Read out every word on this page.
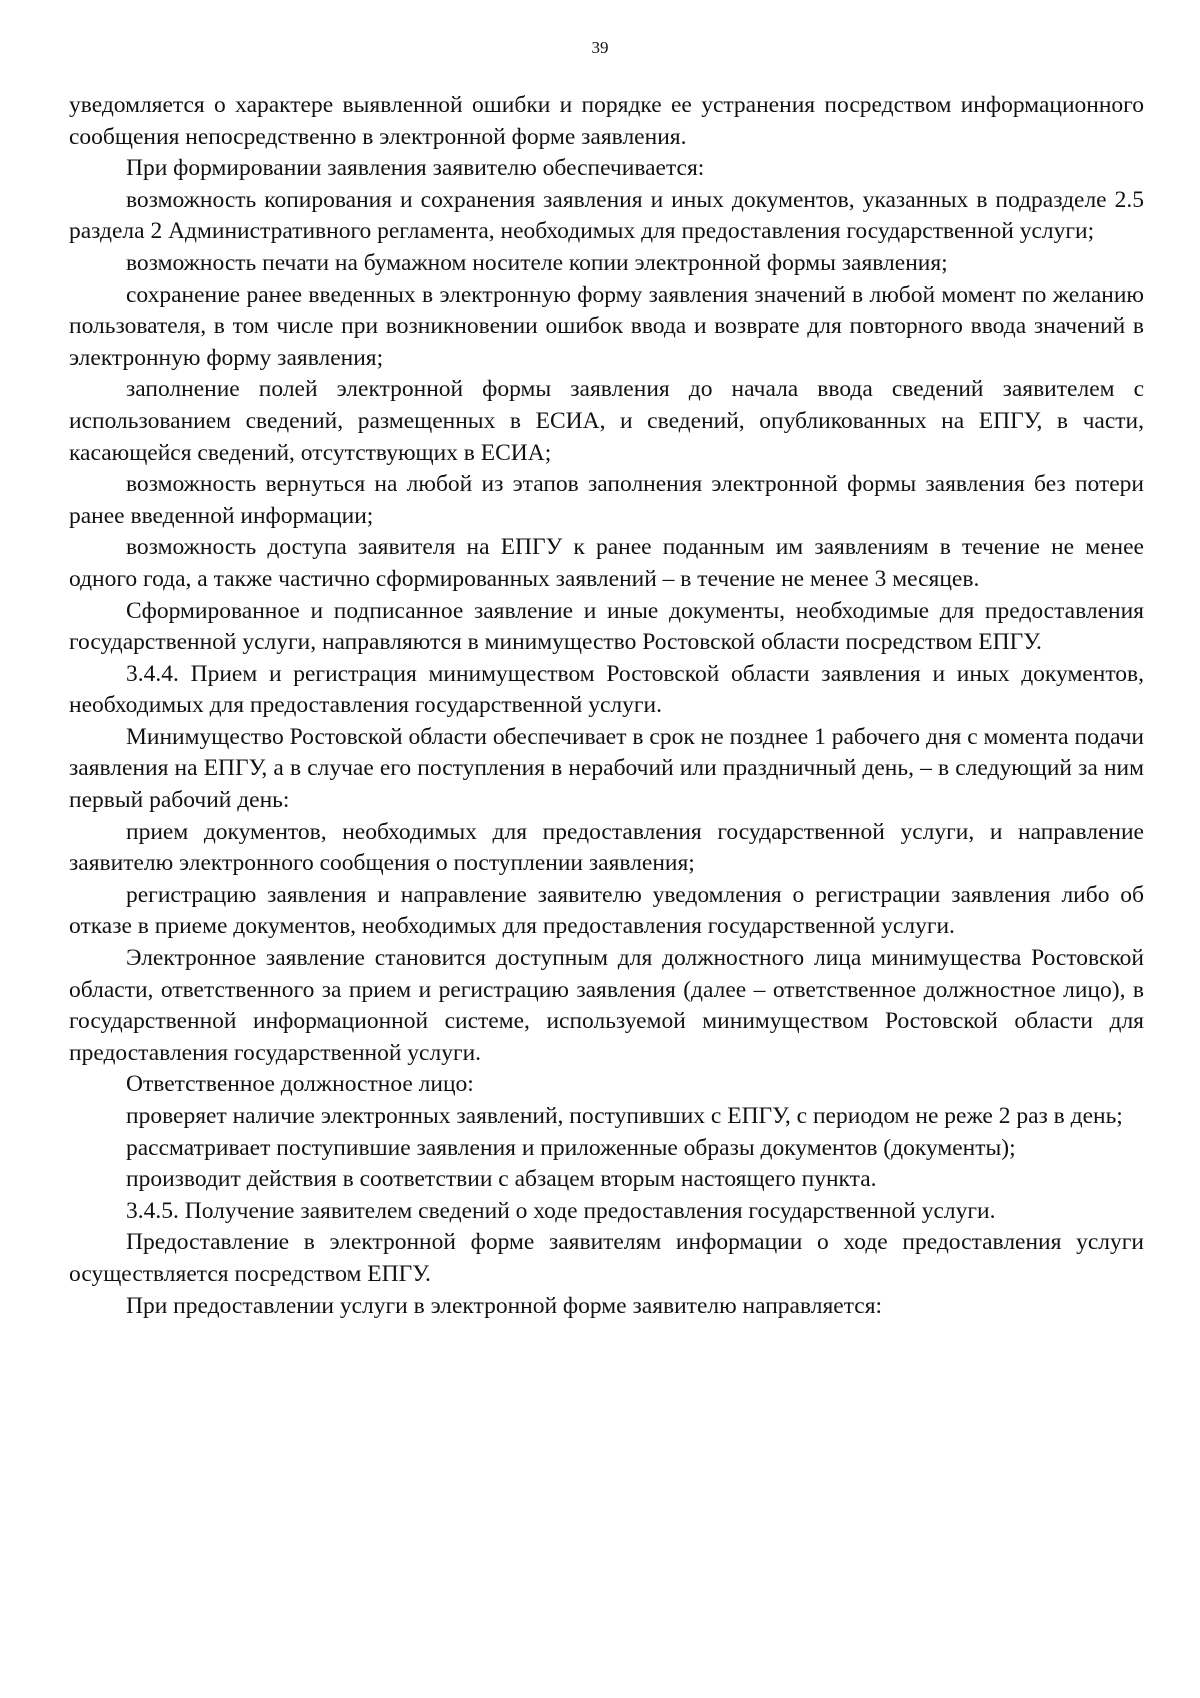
39

уведомляется о характере выявленной ошибки и порядке ее устранения посредством информационного сообщения непосредственно в электронной форме заявления.

При формировании заявления заявителю обеспечивается:

возможность копирования и сохранения заявления и иных документов, указанных в подразделе 2.5 раздела 2 Административного регламента, необходимых для предоставления государственной услуги;

возможность печати на бумажном носителе копии электронной формы заявления;

сохранение ранее введенных в электронную форму заявления значений в любой момент по желанию пользователя, в том числе при возникновении ошибок ввода и возврате для повторного ввода значений в электронную форму заявления;

заполнение полей электронной формы заявления до начала ввода сведений заявителем с использованием сведений, размещенных в ЕСИА, и сведений, опубликованных на ЕПГУ, в части, касающейся сведений, отсутствующих в ЕСИА;

возможность вернуться на любой из этапов заполнения электронной формы заявления без потери ранее введенной информации;

возможность доступа заявителя на ЕПГУ к ранее поданным им заявлениям в течение не менее одного года, а также частично сформированных заявлений – в течение не менее 3 месяцев.

Сформированное и подписанное заявление и иные документы, необходимые для предоставления государственной услуги, направляются в минимущество Ростовской области посредством ЕПГУ.

3.4.4. Прием и регистрация минимуществом Ростовской области заявления и иных документов, необходимых для предоставления государственной услуги.

Минимущество Ростовской области обеспечивает в срок не позднее 1 рабочего дня с момента подачи заявления на ЕПГУ, а в случае его поступления в нерабочий или праздничный день, – в следующий за ним первый рабочий день:

прием документов, необходимых для предоставления государственной услуги, и направление заявителю электронного сообщения о поступлении заявления;

регистрацию заявления и направление заявителю уведомления о регистрации заявления либо об отказе в приеме документов, необходимых для предоставления государственной услуги.

Электронное заявление становится доступным для должностного лица минимущества Ростовской области, ответственного за прием и регистрацию заявления (далее – ответственное должностное лицо), в государственной информационной системе, используемой минимуществом Ростовской области для предоставления государственной услуги.

Ответственное должностное лицо:

проверяет наличие электронных заявлений, поступивших с ЕПГУ, с периодом не реже 2 раз в день;

рассматривает поступившие заявления и приложенные образы документов (документы);

производит действия в соответствии с абзацем вторым настоящего пункта.

3.4.5. Получение заявителем сведений о ходе предоставления государственной услуги.

Предоставление в электронной форме заявителям информации о ходе предоставления услуги осуществляется посредством ЕПГУ.

При предоставлении услуги в электронной форме заявителю направляется:
